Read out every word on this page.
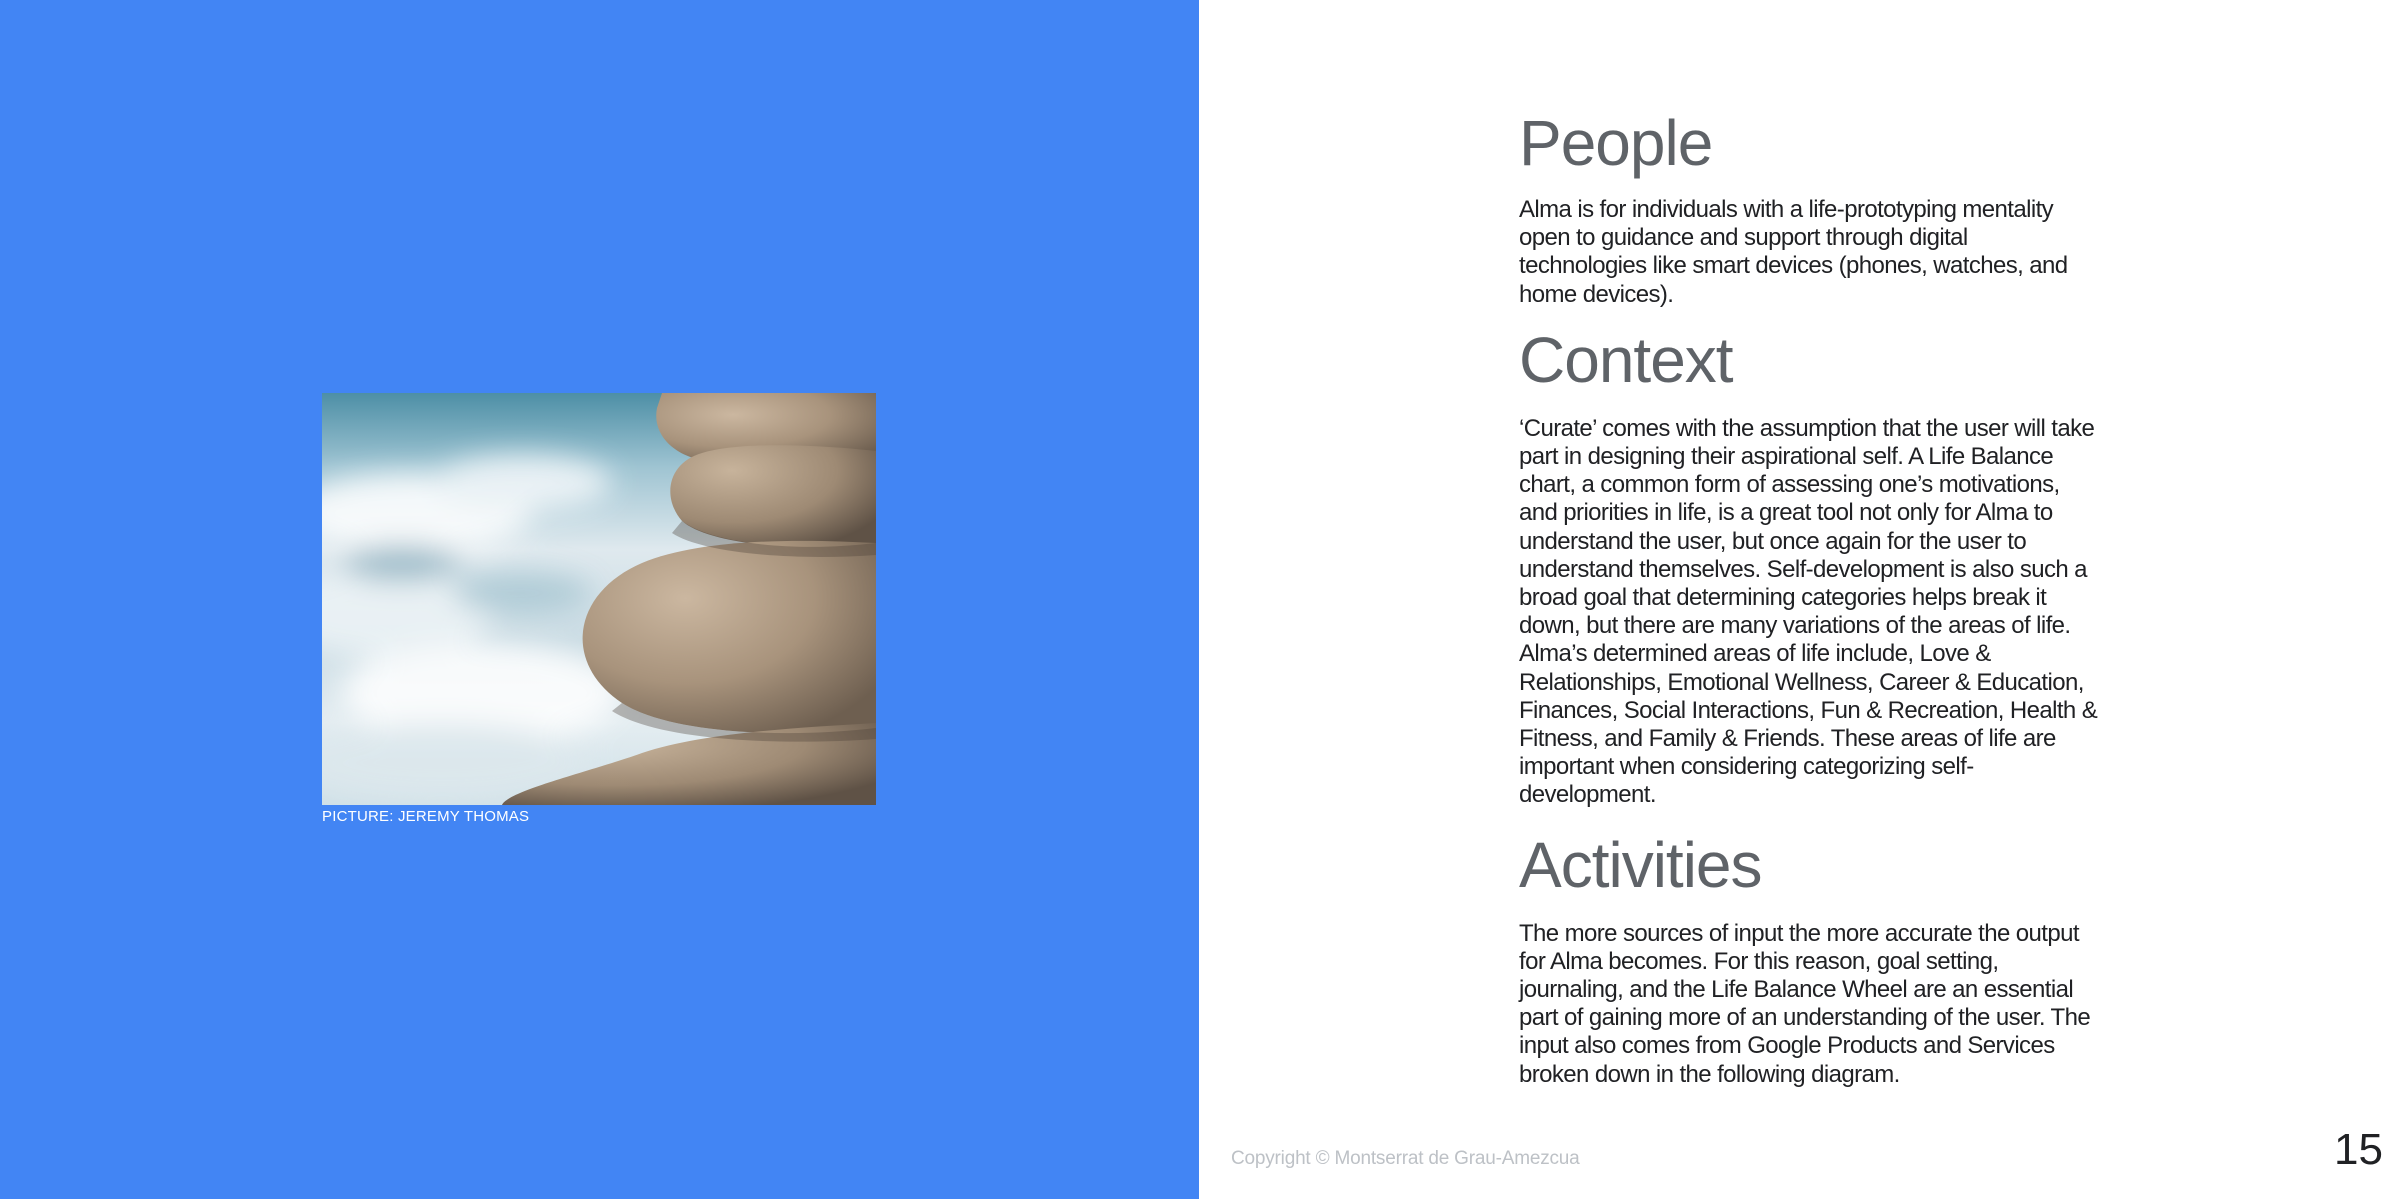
PICTURE: JEREMY THOMAS
People

Alma is for individuals with a life-prototyping mentality open to guidance and support through digital technologies like smart devices (phones, watches, and home devices).

Context

‘Curate’ comes with the assumption that the user will take part in designing their aspirational self. A Life Balance chart, a common form of assessing one’s motivations, and priorities in life, is a great tool not only for Alma to understand the user, but once again for the user to understand themselves. Self-development is also such a broad goal that determining categories helps break it down, but there are many variations of the areas of life. Alma’s determined areas of life include, Love & Relationships, Emotional Wellness, Career & Education, Finances, Social Interactions, Fun & Recreation, Health & Fitness, and Family & Friends. These areas of life are important when considering categorizing self-development.

Activities

The more sources of input the more accurate the output for Alma becomes. For this reason, goal setting, journaling, and the Life Balance Wheel are an essential part of gaining more of an understanding of the user. The input also comes from Google Products and Services broken down in the following diagram.

Copyright © Montserrat de Grau-Amezcua	15
